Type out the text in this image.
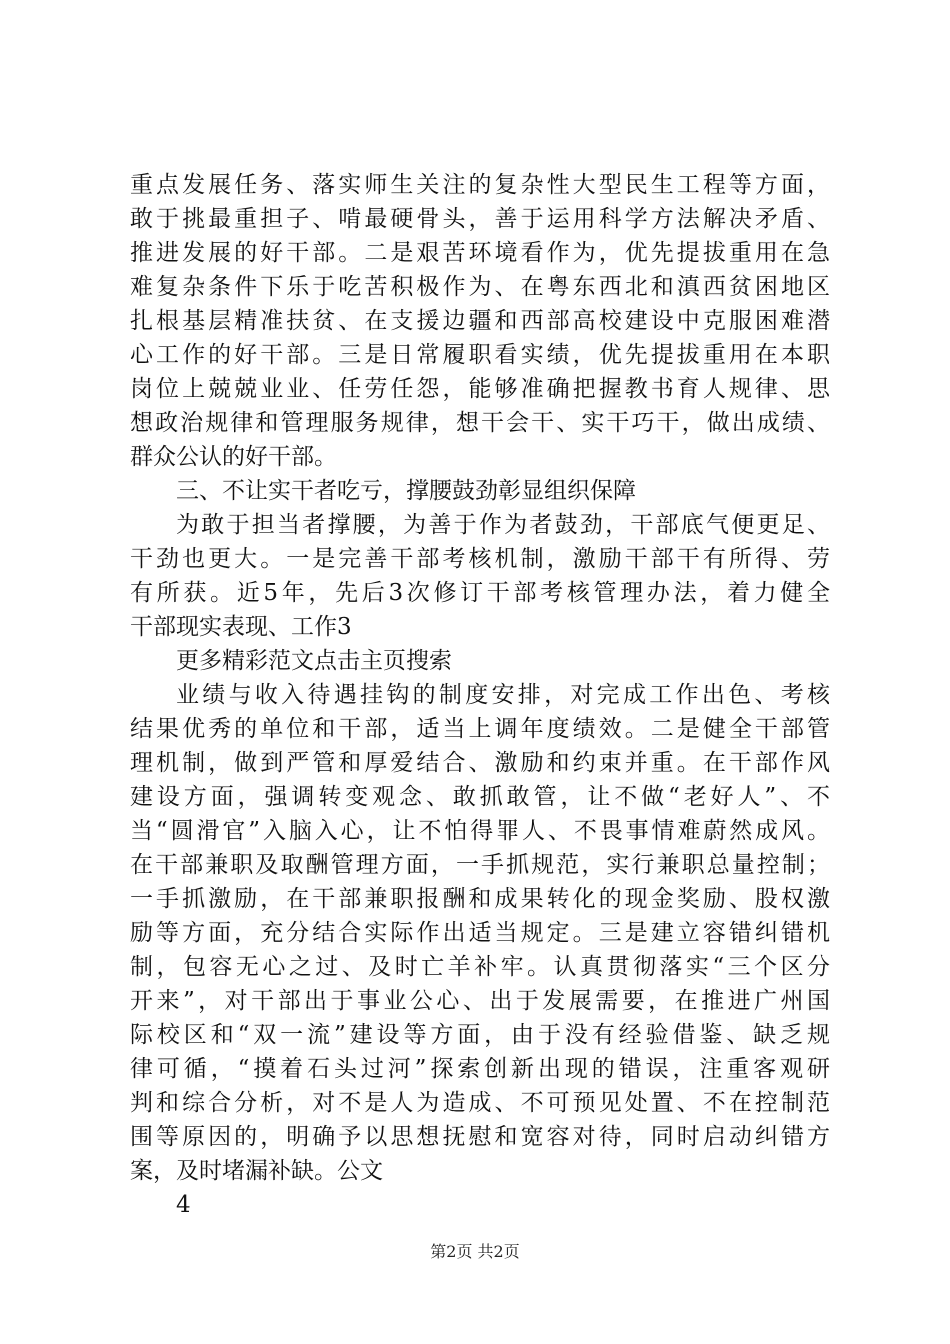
重点发展任务、落实师生关注的复杂性大型民生工程等方面，
敢于挑最重担子、啃最硬骨头，善于运用科学方法解决矛盾、
推进发展的好干部。二是艰苦环境看作为，优先提拔重用在急
难复杂条件下乐于吃苦积极作为、在粤东西北和滇西贫困地区
扎根基层精准扶贫、在支援边疆和西部高校建设中克服困难潜
心工作的好干部。三是日常履职看实绩，优先提拔重用在本职
岗位上兢兢业业、任劳任怨，能够准确把握教书育人规律、思
想政治规律和管理服务规律，想干会干、实干巧干，做出成绩、
群众公认的好干部。
三、不让实干者吃亏，撑腰鼓劲彰显组织保障
为敢于担当者撑腰，为善于作为者鼓劲，干部底气便更足、
干劲也更大。一是完善干部考核机制，激励干部干有所得、劳
有所获。近5年，先后3次修订干部考核管理办法，着力健全
干部现实表现、工作3
更多精彩范文点击主页搜索
业绩与收入待遇挂钩的制度安排，对完成工作出色、考核
结果优秀的单位和干部，适当上调年度绩效。二是健全干部管
理机制，做到严管和厚爱结合、激励和约束并重。在干部作风
建设方面，强调转变观念、敢抓敢管，让不做“老好人”、不
当“圆滑官”入脑入心，让不怕得罪人、不畏事情难蔚然成风。
在干部兼职及取酬管理方面，一手抓规范，实行兼职总量控制；
一手抓激励，在干部兼职报酬和成果转化的现金奖励、股权激
励等方面，充分结合实际作出适当规定。三是建立容错纠错机
制，包容无心之过、及时亡羊补牢。认真贯彻落实“三个区分
开来”，对干部出于事业公心、出于发展需要，在推进广州国
际校区和“双一流”建设等方面，由于没有经验借鉴、缺乏规
律可循，“摸着石头过河”探索创新出现的错误，注重客观研
判和综合分析，对不是人为造成、不可预见处置、不在控制范
围等原因的，明确予以思想抚慰和宽容对待，同时启动纠错方
案，及时堵漏补缺。公文
4
第2页 共2页
